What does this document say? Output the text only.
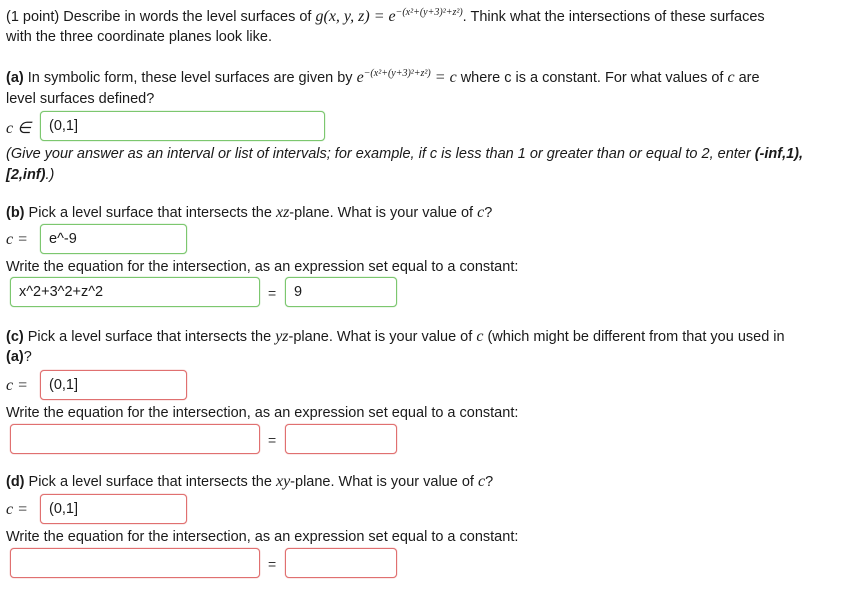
(1 point) Describe in words the level surfaces of g(x, y, $z) = e^{-(x^2+(y+3)^2+z^2)}$. Think what the intersections of these surfaces
with the three coordinate planes look like.
(a) In symbolic form, these level surfaces are given by $e^{-(x^2+(y+3)^2+z^2)} = c$ where c is a constant. For what values of c are
level surfaces defined?
c ∈	(0,1]
(Give your answer as an interval or list of intervals; for example, if c is less than 1 or greater than or equal to 2, enter (-inf,1),
[2,inf).)
(b) Pick a level surface that intersects the xz-plane. What is your value of c?
c =	e^-9
Write the equation for the intersection, as an expression set equal to a constant:
x^2+3^2+z^2	=	9
(c) Pick a level surface that intersects the yz-plane. What is your value of c (which might be different from that you used in
(a)?
c =	(0,1]
Write the equation for the intersection, as an expression set equal to a constant:
=
(d) Pick a level surface that intersects the xy-plane. What is your value of c?
c =	(0,1]
Write the equation for the intersection, as an expression set equal to a constant:
=
